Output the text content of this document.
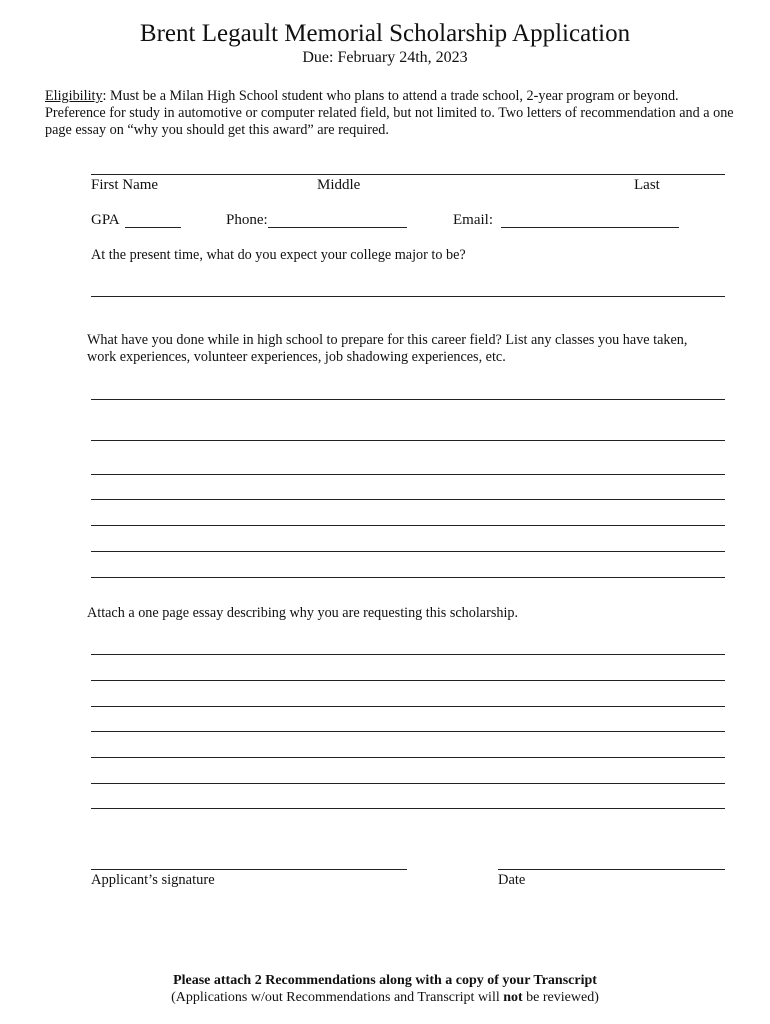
Brent Legault Memorial Scholarship Application
Due: February 24th, 2023
Eligibility: Must be a Milan High School student who plans to attend a trade school, 2-year program or beyond. Preference for study in automotive or computer related field, but not limited to. Two letters of recommendation and a one page essay on “why you should get this award” are required.
First Name	Middle	Last
GPA	Phone:	Email:
At the present time, what do you expect your college major to be?
What have you done while in high school to prepare for this career field? List any classes you have taken, work experiences, volunteer experiences, job shadowing experiences, etc.
Attach a one page essay describing why you are requesting this scholarship.
Applicant’s signature	Date
Please attach 2 Recommendations along with a copy of your Transcript
(Applications w/out Recommendations and Transcript will not be reviewed)
